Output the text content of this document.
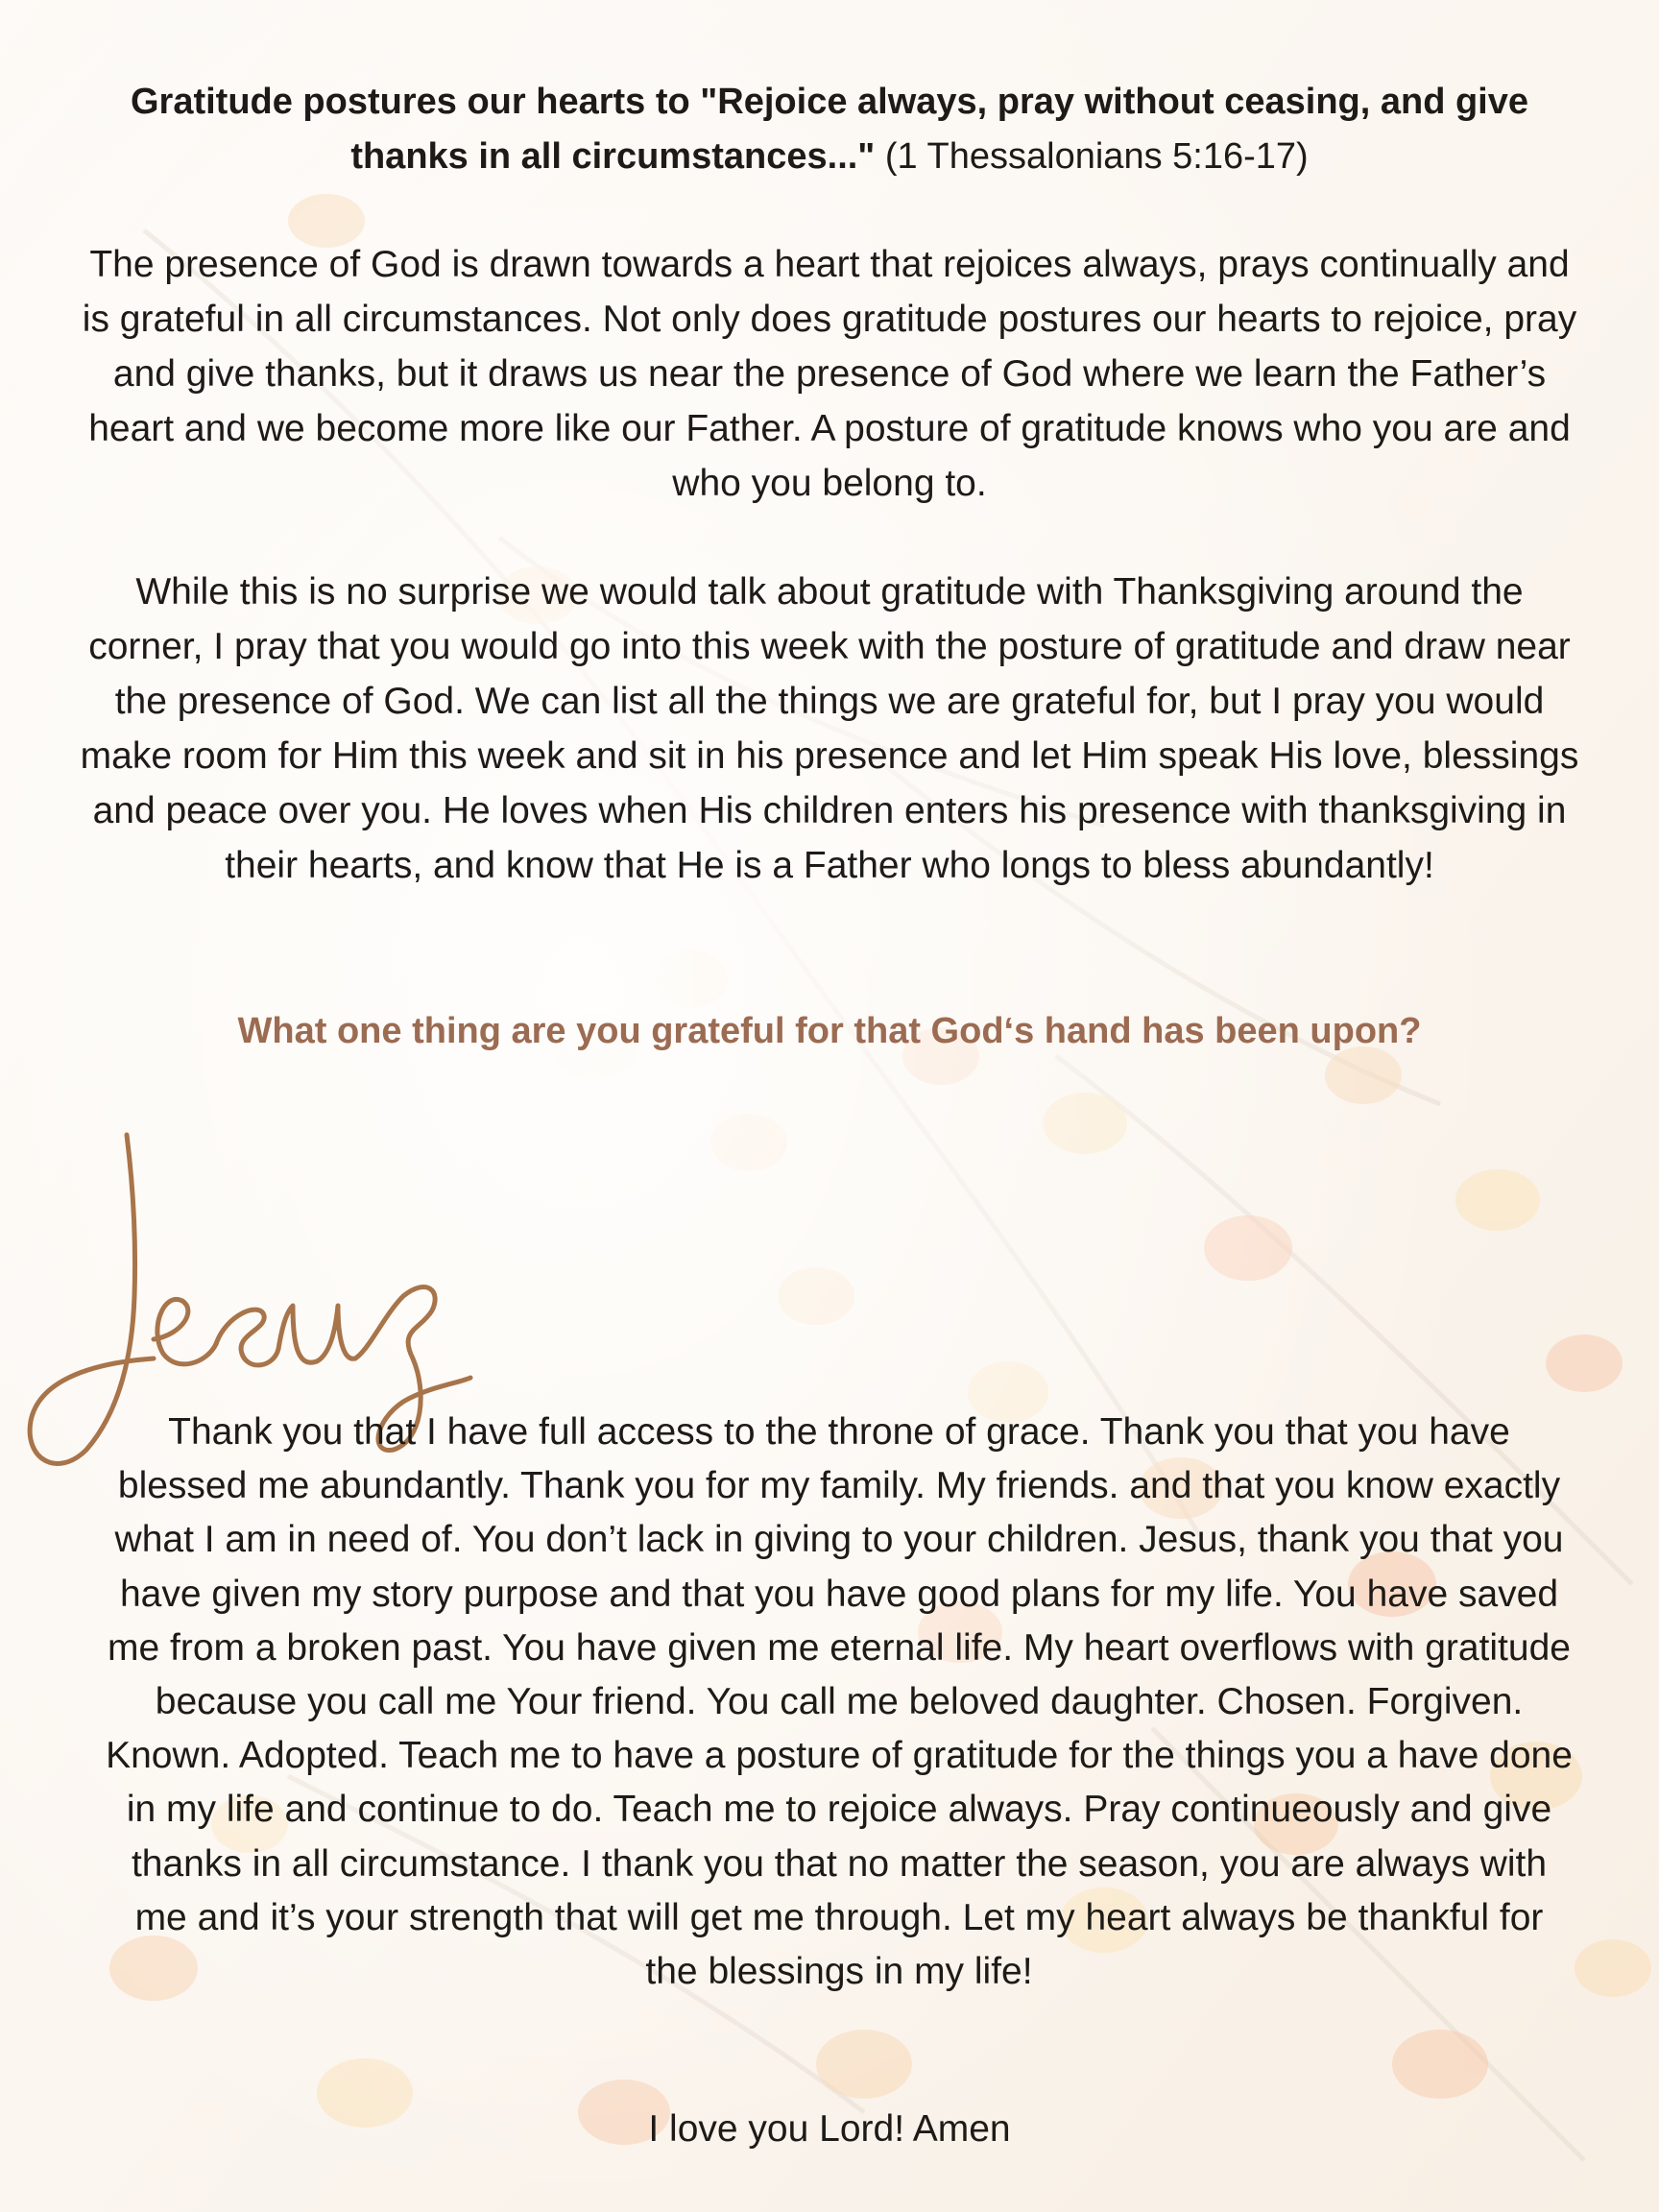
Gratitude postures our hearts to "Rejoice always, pray without ceasing, and give thanks in all circumstances..." (1 Thessalonians 5:16-17)
The presence of God is drawn towards a heart that rejoices always, prays continually and is grateful in all circumstances. Not only does gratitude postures our hearts to rejoice, pray and give thanks, but it draws us near the presence of God where we learn the Father’s heart and we become more like our Father. A posture of gratitude knows who you are and who you belong to.
While this is no surprise we would talk about gratitude with Thanksgiving around the corner, I pray that you would go into this week with the posture of gratitude and draw near the presence of God. We can list all the things we are grateful for, but I pray you would make room for Him this week and sit in his presence and let Him speak His love, blessings and peace over you. He loves when His children enters his presence with thanksgiving in their hearts, and know that He is a Father who longs to bless abundantly!
What one thing are you grateful for that God‘s hand has been upon?
Thank you that I have full access to the throne of grace. Thank you that you have blessed me abundantly. Thank you for my family. My friends. and that you know exactly what I am in need of. You don’t lack in giving to your children. Jesus, thank you that you have given my story purpose and that you have good plans for my life. You have saved me from a broken past. You have given me eternal life. My heart overflows with gratitude because you call me Your friend. You call me beloved daughter. Chosen. Forgiven. Known. Adopted. Teach me to have a posture of gratitude for the things you a have done in my life and continue to do. Teach me to rejoice always. Pray continueously and give thanks in all circumstance. I thank you that no matter the season, you are always with me and it’s your strength that will get me through. Let my heart always be thankful for the blessings in my life!
I love you Lord! Amen
